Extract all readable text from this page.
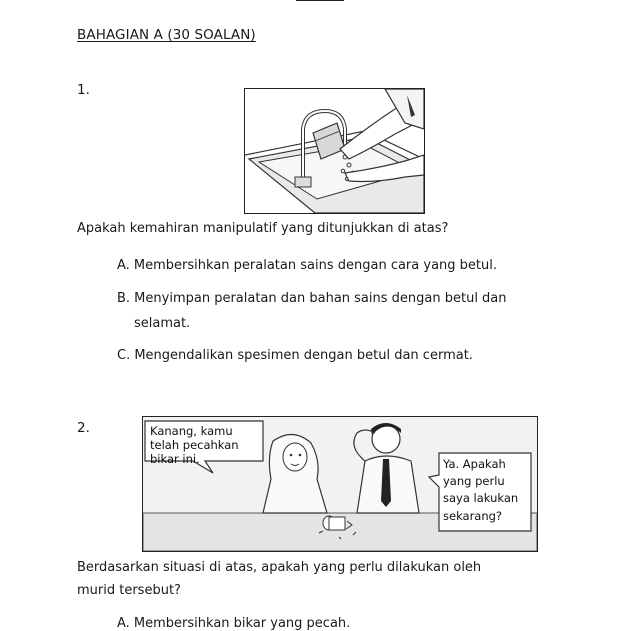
BAHAGIAN A (30 SOALAN)
1.
Apakah kemahiran manipulatif yang ditunjukkan di atas?
A. Membersihkan peralatan sains dengan cara yang betul.
B. Menyimpan peralatan dan bahan sains dengan betul dan
selamat.
C. Mengendalikan spesimen dengan betul dan cermat.
2.	Kanang, kamu
telah pecahkan
bikar ini.	Ya. Apakah
yang perlu
saya lakukan
sekarang?
Berdasarkan situasi di atas, apakah yang perlu dilakukan oleh
murid tersebut?
A. Membersihkan bikar yang pecah.
